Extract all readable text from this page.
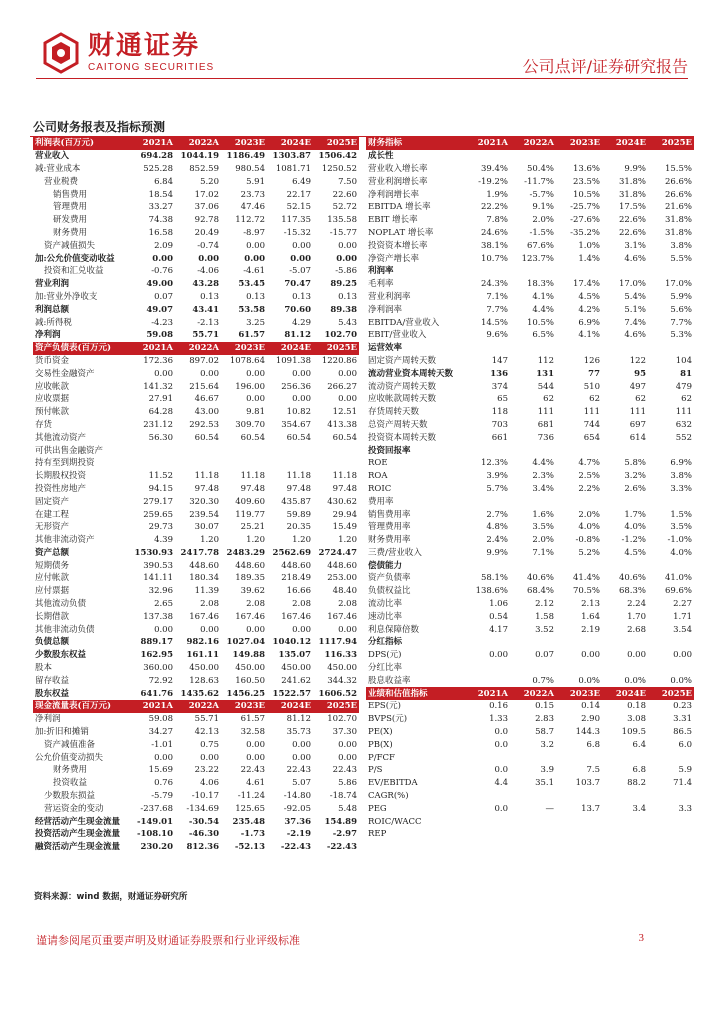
财通证券
CAITONG SECURITIES	公司点评/证券研究报告
公司财务报表及指标预测
利润表(百万元)	2021A	2022A	2023E	2024E	2025E
营业收入	694.28	1044.19	1186.49	1303.87	1506.42
减:营业成本	525.28	852.59	980.54	1081.71	1250.52
营业税费	6.84	5.20	5.91	6.49	7.50
销售费用	18.54	17.02	23.73	22.17	22.60
管理费用	33.27	37.06	47.46	52.15	52.72
研发费用	74.38	92.78	112.72	117.35	135.58
财务费用	16.58	20.49	-8.97	-15.32	-15.77
资产减值损失	2.09	-0.74	0.00	0.00	0.00
加:公允价值变动收益	0.00	0.00	0.00	0.00	0.00
投资和汇兑收益	-0.76	-4.06	-4.61	-5.07	-5.86
营业利润	49.00	43.28	53.45	70.47	89.25
加:营业外净收支	0.07	0.13	0.13	0.13	0.13
利润总额	49.07	43.41	53.58	70.60	89.38
减:所得税	-4.23	-2.13	3.25	4.29	5.43
净利润	59.08	55.71	61.57	81.12	102.70
资产负债表(百万元)	2021A	2022A	2023E	2024E	2025E
货币资金	172.36	897.02	1078.64	1091.38	1220.86
交易性金融资产	0.00	0.00	0.00	0.00	0.00
应收帐款	141.32	215.64	196.00	256.36	266.27
应收票据	27.91	46.67	0.00	0.00	0.00
预付帐款	64.28	43.00	9.81	10.82	12.51
存货	231.12	292.53	309.70	354.67	413.38
其他流动资产	56.30	60.54	60.54	60.54	60.54
可供出售金融资产					
持有至到期投资					
长期股权投资	11.52	11.18	11.18	11.18	11.18
投资性房地产	94.15	97.48	97.48	97.48	97.48
固定资产	279.17	320.30	409.60	435.87	430.62
在建工程	259.65	239.54	119.77	59.89	29.94
无形资产	29.73	30.07	25.21	20.35	15.49
其他非流动资产	4.39	1.20	1.20	1.20	1.20
资产总额	1530.93	2417.78	2483.29	2562.69	2724.47
短期债务	390.53	448.60	448.60	448.60	448.60
应付帐款	141.11	180.34	189.35	218.49	253.00
应付票据	32.96	11.39	39.62	16.66	48.40
其他流动负债	2.65	2.08	2.08	2.08	2.08
长期借款	137.38	167.46	167.46	167.46	167.46
其他非流动负债	0.00	0.00	0.00	0.00	0.00
负债总额	889.17	982.16	1027.04	1040.12	1117.94
少数股东权益	162.95	161.11	149.88	135.07	116.33
股本	360.00	450.00	450.00	450.00	450.00
留存收益	72.92	128.63	160.50	241.62	344.32
股东权益	641.76	1435.62	1456.25	1522.57	1606.52
现金流量表(百万元)	2021A	2022A	2023E	2024E	2025E
净利润	59.08	55.71	61.57	81.12	102.70
加:折旧和摊销	34.27	42.13	32.58	35.73	37.30
资产减值准备	-1.01	0.75	0.00	0.00	0.00
公允价值变动损失	0.00	0.00	0.00	0.00	0.00
财务费用	15.69	23.22	22.43	22.43	22.43
投资收益	0.76	4.06	4.61	5.07	5.86
少数股东损益	-5.79	-10.17	-11.24	-14.80	-18.74
营运资金的变动	-237.68	-134.69	125.65	-92.05	5.48
经营活动产生现金流量	-149.01	-30.54	235.48	37.36	154.89
投资活动产生现金流量	-108.10	-46.30	-1.73	-2.19	-2.97
融资活动产生现金流量	230.20	812.36	-52.13	-22.43	-22.43
财务指标	2021A	2022A	2023E	2024E	2025E
成长性					
营业收入增长率	39.4%	50.4%	13.6%	9.9%	15.5%
营业利润增长率	-19.2%	-11.7%	23.5%	31.8%	26.6%
净利润增长率	1.9%	-5.7%	10.5%	31.8%	26.6%
EBITDA 增长率	22.2%	9.1%	-25.7%	17.5%	21.6%
EBIT 增长率	7.8%	2.0%	-27.6%	22.6%	31.8%
NOPLAT 增长率	24.6%	-1.5%	-35.2%	22.6%	31.8%
投资资本增长率	38.1%	67.6%	1.0%	3.1%	3.8%
净资产增长率	10.7%	123.7%	1.4%	4.6%	5.5%
利润率					
毛利率	24.3%	18.3%	17.4%	17.0%	17.0%
营业利润率	7.1%	4.1%	4.5%	5.4%	5.9%
净利润率	7.7%	4.4%	4.2%	5.1%	5.6%
EBITDA/营业收入	14.5%	10.5%	6.9%	7.4%	7.7%
EBIT/营业收入	9.6%	6.5%	4.1%	4.6%	5.3%
运营效率					
固定资产周转天数	147	112	126	122	104
流动营业资本周转天数	136	131	77	95	81
流动资产周转天数	374	544	510	497	479
应收帐款周转天数	65	62	62	62	62
存货周转天数	118	111	111	111	111
总资产周转天数	703	681	744	697	632
投资资本周转天数	661	736	654	614	552
投资回报率					
ROE	12.3%	4.4%	4.7%	5.8%	6.9%
ROA	3.9%	2.3%	2.5%	3.2%	3.8%
ROIC	5.7%	3.4%	2.2%	2.6%	3.3%
费用率					
销售费用率	2.7%	1.6%	2.0%	1.7%	1.5%
管理费用率	4.8%	3.5%	4.0%	4.0%	3.5%
财务费用率	2.4%	2.0%	-0.8%	-1.2%	-1.0%
三费/营业收入	9.9%	7.1%	5.2%	4.5%	4.0%
偿债能力					
资产负债率	58.1%	40.6%	41.4%	40.6%	41.0%
负债权益比	138.6%	68.4%	70.5%	68.3%	69.6%
流动比率	1.06	2.12	2.13	2.24	2.27
速动比率	0.54	1.58	1.64	1.70	1.71
利息保障倍数	4.17	3.52	2.19	2.68	3.54
分红指标					
DPS(元)	0.00	0.07	0.00	0.00	0.00
分红比率					
股息收益率		0.7%	0.0%	0.0%	0.0%
业绩和估值指标	2021A	2022A	2023E	2024E	2025E
EPS(元)	0.16	0.15	0.14	0.18	0.23
BVPS(元)	1.33	2.83	2.90	3.08	3.31
PE(X)	0.0	58.7	144.3	109.5	86.5
PB(X)	0.0	3.2	6.8	6.4	6.0
P/FCF					
P/S	0.0	3.9	7.5	6.8	5.9
EV/EBITDA	4.4	35.1	103.7	88.2	71.4
CAGR(%)					
PEG	0.0	—	13.7	3.4	3.3
ROIC/WACC					
REP					
资料来源：wind 数据，财通证券研究所
谨请参阅尾页重要声明及财通证券股票和行业评级标准	3
